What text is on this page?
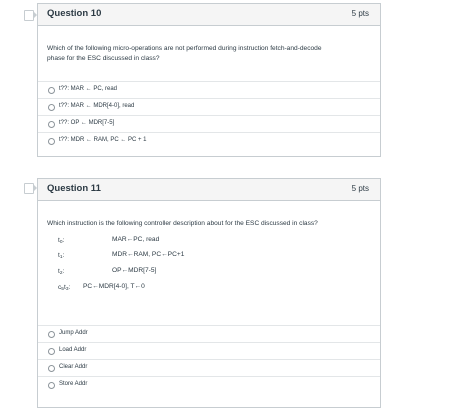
Question 10	5 pts
Which of the following micro-operations are not performed during instruction fetch-and-decode
phase for the ESC discussed in class?
t??: MAR ← PC, read
t??: MAR ← MDR[4-0], read
t??: OP ← MDR[7-5]
t??: MDR ← RAM, PC ← PC + 1
Question 11	5 pts
Which instruction is the following controller description about for the ESC discussed in class?
$t_0$:	MAR←PC, read
$t_1$:	MDR←RAM, PC←PC+1
$t_2$:	OP←MDR[7-5]
$c_5t_3$: PC←MDR[4-0], T←0
Jump Addr
Load Addr
Clear Addr
Store Addr
